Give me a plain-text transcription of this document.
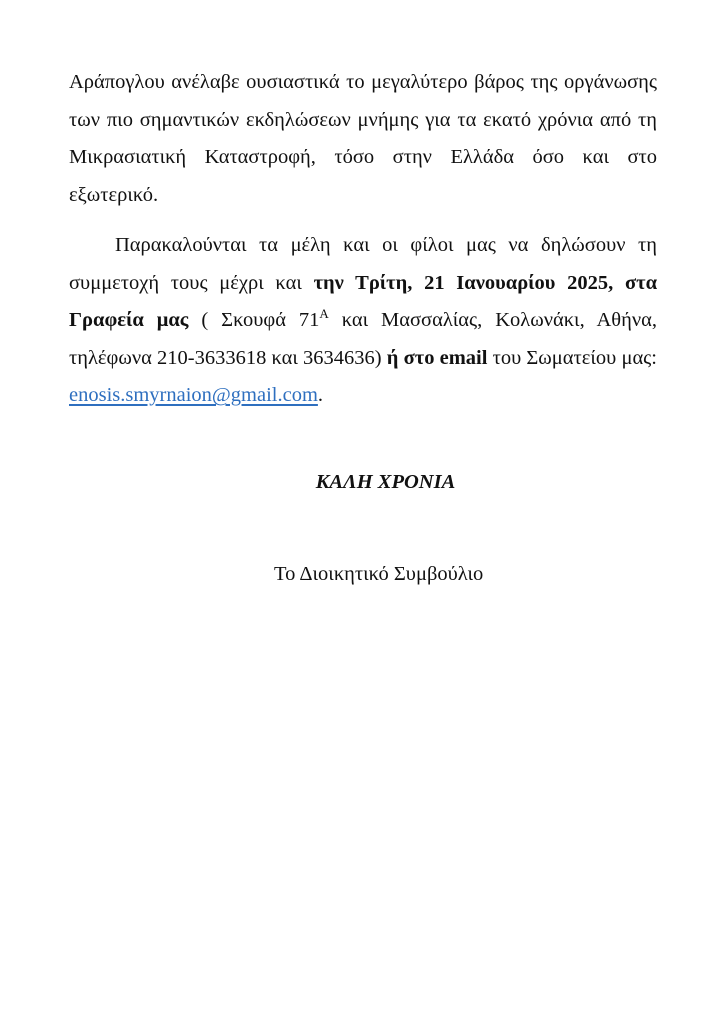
Αράπογλου ανέλαβε ουσιαστικά το μεγαλύτερο βάρος της οργάνωσης των πιο σημαντικών εκδηλώσεων μνήμης για τα εκατό χρόνια από τη Μικρασιατική Καταστροφή, τόσο στην Ελλάδα όσο και στο εξωτερικό.

Παρακαλούνται τα μέλη και οι φίλοι μας να δηλώσουν τη συμμετοχή τους μέχρι και την Τρίτη, 21 Ιανουαρίου 2025, στα Γραφεία μας ( Σκουφά $71^A$ και Μασσαλίας, Κολωνάκι, Αθήνα, τηλέφωνα 210-3633618 και 3634636) ή στο email του Σωματείου μας: enosis.smyrnaion@gmail.com.

ΚΑΛΗ ΧΡΟΝΙΑ
Το Διοικητικό Συμβούλιο
